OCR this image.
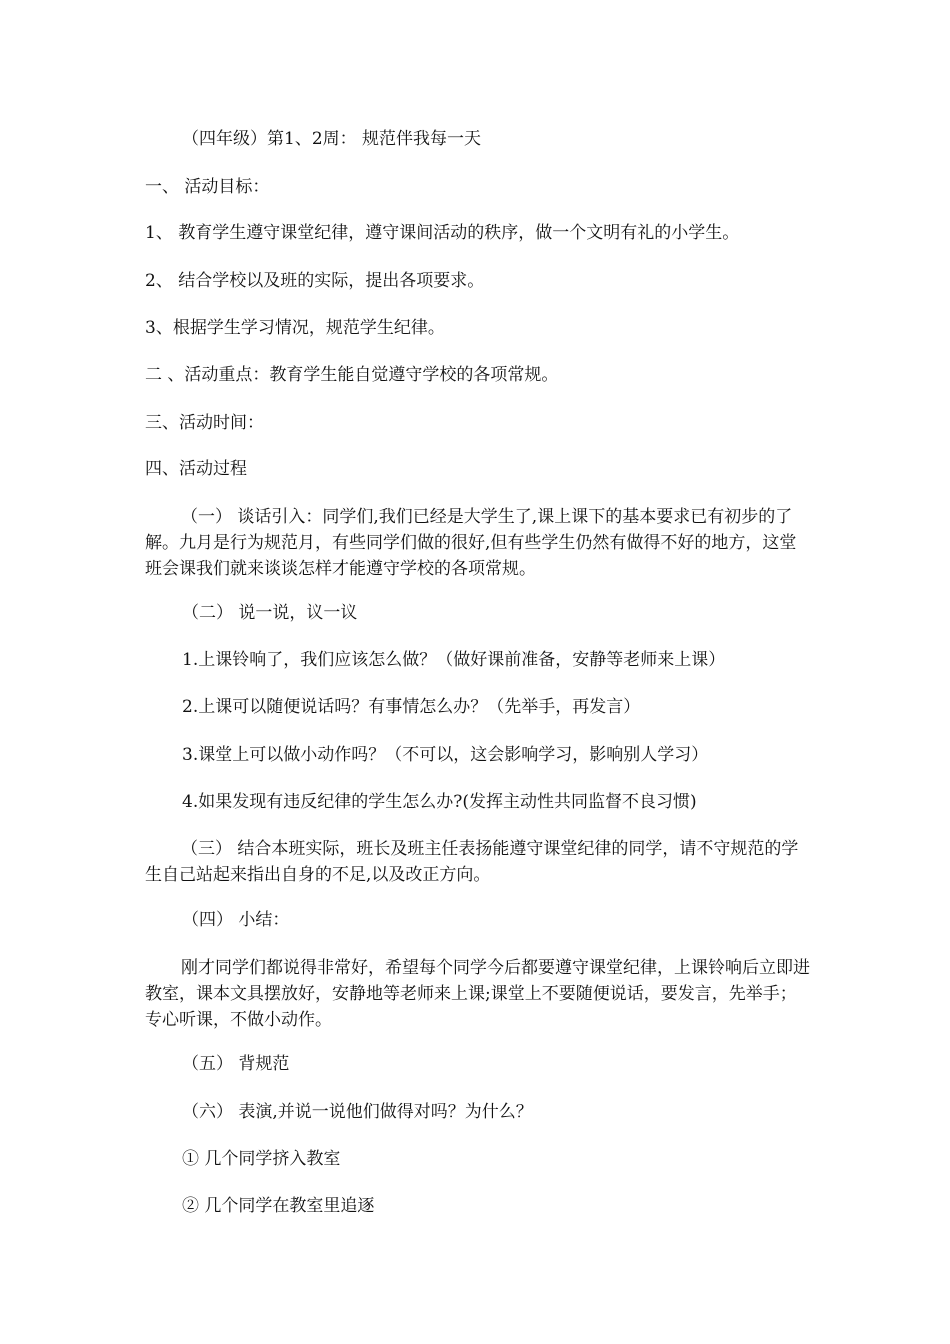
（四年级）第1、2周： 规范伴我每一天
一、 活动目标：
1、 教育学生遵守课堂纪律，遵守课间活动的秩序，做一个文明有礼的小学生。
2、 结合学校以及班的实际，提出各项要求。
3、根据学生学习情况，规范学生纪律。
二 、活动重点：教育学生能自觉遵守学校的各项常规。
三、活动时间：
四、活动过程
（一） 谈话引入：同学们,我们已经是大学生了,课上课下的基本要求已有初步的了解。九月是行为规范月，有些同学们做的很好,但有些学生仍然有做得不好的地方，这堂班会课我们就来谈谈怎样才能遵守学校的各项常规。
（二） 说一说，议一议
1.上课铃响了，我们应该怎么做？（做好课前准备，安静等老师来上课）
2.上课可以随便说话吗？有事情怎么办？（先举手，再发言）
3.课堂上可以做小动作吗？（不可以，这会影响学习，影响别人学习）
4.如果发现有违反纪律的学生怎么办?(发挥主动性共同监督不良习惯)
（三） 结合本班实际，班长及班主任表扬能遵守课堂纪律的同学，请不守规范的学生自己站起来指出自身的不足,以及改正方向。
（四） 小结：
刚才同学们都说得非常好，希望每个同学今后都要遵守课堂纪律，上课铃响后立即进教室，课本文具摆放好，安静地等老师来上课;课堂上不要随便说话，要发言，先举手；专心听课，不做小动作。
（五） 背规范
（六） 表演,并说一说他们做得对吗？为什么？
① 几个同学挤入教室
② 几个同学在教室里追逐
